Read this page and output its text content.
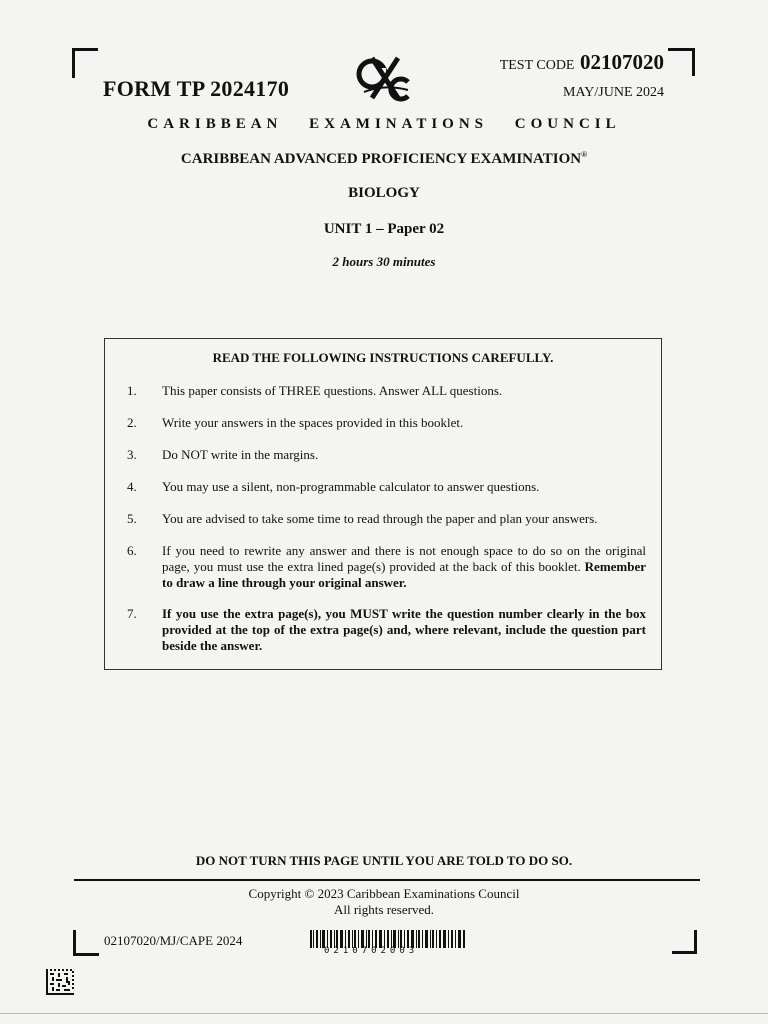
FORM TP 2024170
TEST CODE 02107020
MAY/JUNE 2024
CARIBBEAN EXAMINATIONS COUNCIL
CARIBBEAN ADVANCED PROFICIENCY EXAMINATION®
BIOLOGY
UNIT 1 – Paper 02
2 hours 30 minutes
READ THE FOLLOWING INSTRUCTIONS CAREFULLY.
1.	This paper consists of THREE questions. Answer ALL questions.
2.	Write your answers in the spaces provided in this booklet.
3.	Do NOT write in the margins.
4.	You may use a silent, non-programmable calculator to answer questions.
5.	You are advised to take some time to read through the paper and plan your answers.
6.	If you need to rewrite any answer and there is not enough space to do so on the original page, you must use the extra lined page(s) provided at the back of this booklet. Remember to draw a line through your original answer.
7.	If you use the extra page(s), you MUST write the question number clearly in the box provided at the top of the extra page(s) and, where relevant, include the question part beside the answer.
DO NOT TURN THIS PAGE UNTIL YOU ARE TOLD TO DO SO.
Copyright © 2023 Caribbean Examinations Council
All rights reserved.
02107020/MJ/CAPE 2024
0210702003
